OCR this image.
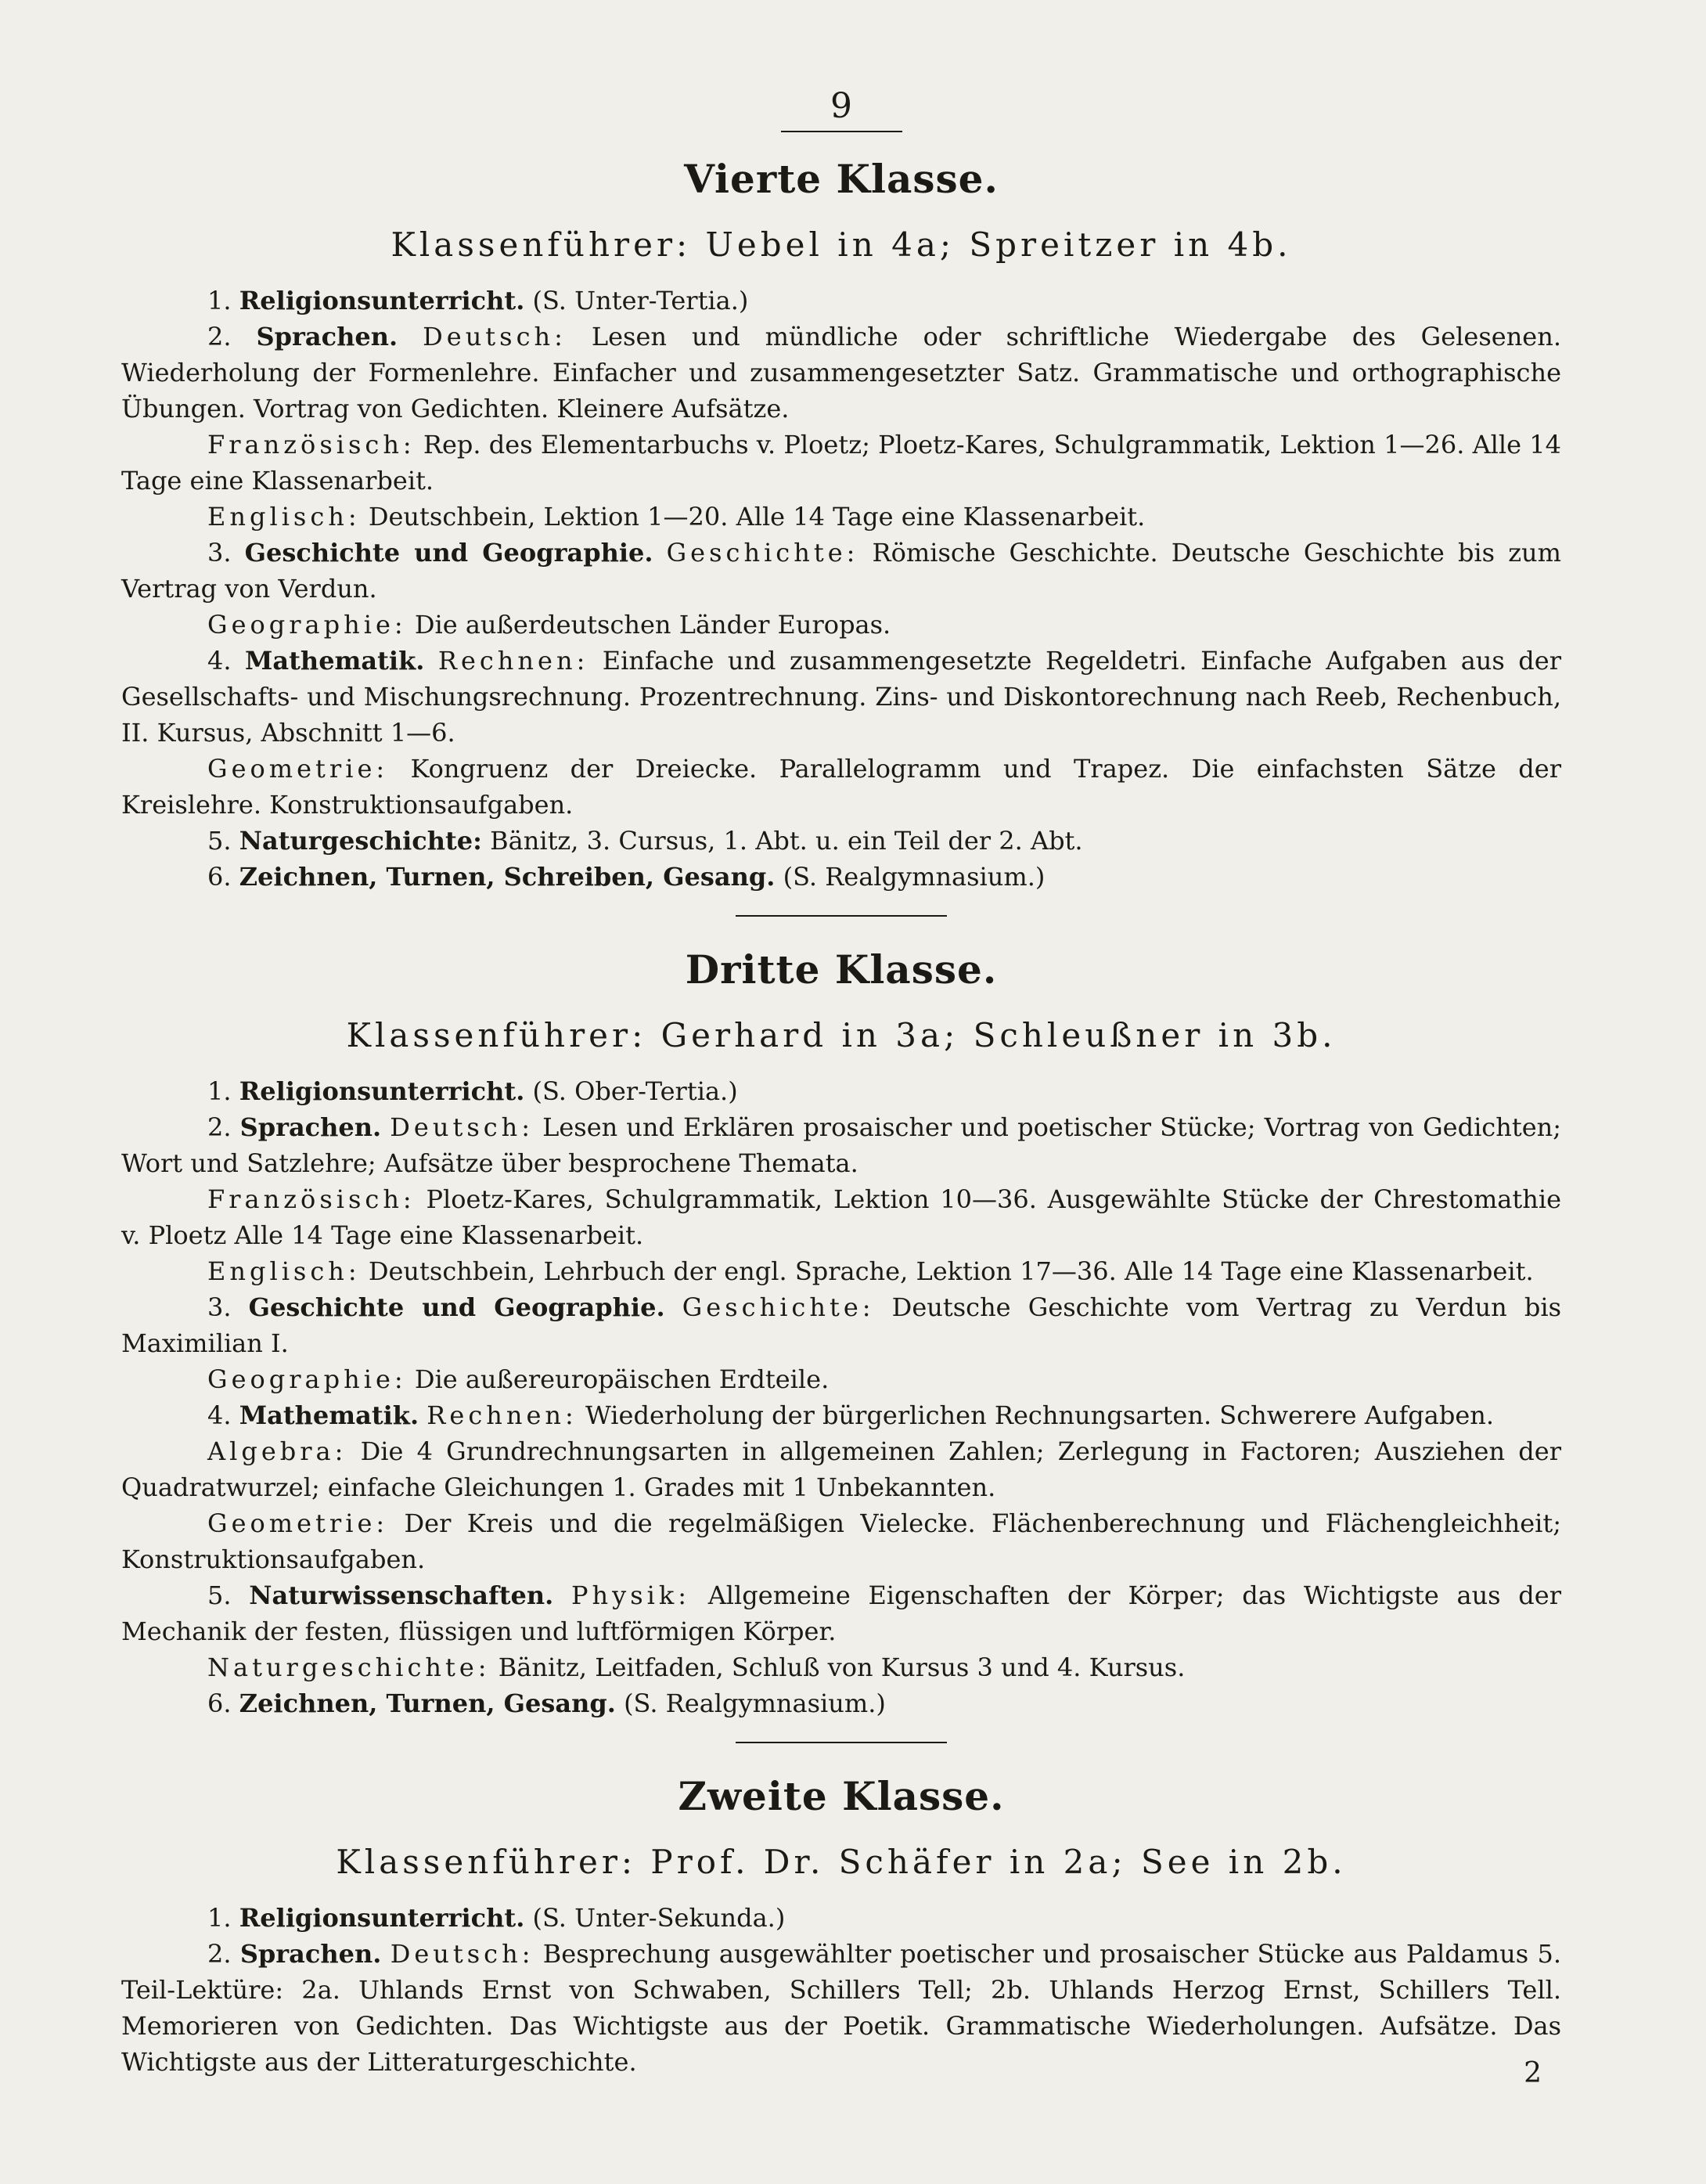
9
Vierte Klasse.
Klassenführer: Uebel in 4a; Spreitzer in 4b.

1. Religionsunterricht. (S. Unter-Tertia.)

2. Sprachen. Deutsch: Lesen und mündliche oder schriftliche Wiedergabe des Gelesenen. Wiederholung der Formenlehre. Einfacher und zusammengesetzter Satz. Grammatische und orthographische Übungen. Vortrag von Gedichten. Kleinere Aufsätze.

Französisch: Rep. des Elementarbuchs v. Ploetz; Ploetz-Kares, Schulgrammatik, Lektion 1—26. Alle 14 Tage eine Klassenarbeit.

Englisch: Deutschbein, Lektion 1—20. Alle 14 Tage eine Klassenarbeit.

3. Geschichte und Geographie. Geschichte: Römische Geschichte. Deutsche Geschichte bis zum Vertrag von Verdun.

Geographie: Die außerdeutschen Länder Europas.

4. Mathematik. Rechnen: Einfache und zusammengesetzte Regeldetri. Einfache Aufgaben aus der Gesellschafts- und Mischungsrechnung. Prozentrechnung. Zins- und Diskontorechnung nach Reeb, Rechenbuch, II. Kursus, Abschnitt 1—6.

Geometrie: Kongruenz der Dreiecke. Parallelogramm und Trapez. Die einfachsten Sätze der Kreislehre. Konstruktionsaufgaben.

5. Naturgeschichte: Bänitz, 3. Cursus, 1. Abt. u. ein Teil der 2. Abt.

6. Zeichnen, Turnen, Schreiben, Gesang. (S. Realgymnasium.)

Dritte Klasse.
Klassenführer: Gerhard in 3a; Schleußner in 3b.

1. Religionsunterricht. (S. Ober-Tertia.)

2. Sprachen. Deutsch: Lesen und Erklären prosaischer und poetischer Stücke; Vortrag von Gedichten; Wort und Satzlehre; Aufsätze über besprochene Themata.

Französisch: Ploetz-Kares, Schulgrammatik, Lektion 10—36. Ausgewählte Stücke der Chrestomathie v. Ploetz Alle 14 Tage eine Klassenarbeit.

Englisch: Deutschbein, Lehrbuch der engl. Sprache, Lektion 17—36. Alle 14 Tage eine Klassenarbeit.

3. Geschichte und Geographie. Geschichte: Deutsche Geschichte vom Vertrag zu Verdun bis Maximilian I.

Geographie: Die außereuropäischen Erdteile.

4. Mathematik. Rechnen: Wiederholung der bürgerlichen Rechnungsarten. Schwerere Aufgaben.

Algebra: Die 4 Grundrechnungsarten in allgemeinen Zahlen; Zerlegung in Factoren; Ausziehen der Quadratwurzel; einfache Gleichungen 1. Grades mit 1 Unbekannten.

Geometrie: Der Kreis und die regelmäßigen Vielecke. Flächenberechnung und Flächengleichheit; Konstruktionsaufgaben.

5. Naturwissenschaften. Physik: Allgemeine Eigenschaften der Körper; das Wichtigste aus der Mechanik der festen, flüssigen und luftförmigen Körper.

Naturgeschichte: Bänitz, Leitfaden, Schluß von Kursus 3 und 4. Kursus.

6. Zeichnen, Turnen, Gesang. (S. Realgymnasium.)

Zweite Klasse.
Klassenführer: Prof. Dr. Schäfer in 2a; See in 2b.

1. Religionsunterricht. (S. Unter-Sekunda.)

2. Sprachen. Deutsch: Besprechung ausgewählter poetischer und prosaischer Stücke aus Paldamus 5. Teil-Lektüre: 2a. Uhlands Ernst von Schwaben, Schillers Tell; 2b. Uhlands Herzog Ernst, Schillers Tell. Memorieren von Gedichten. Das Wichtigste aus der Poetik. Grammatische Wiederholungen. Aufsätze. Das Wichtigste aus der Litteraturgeschichte.	2
